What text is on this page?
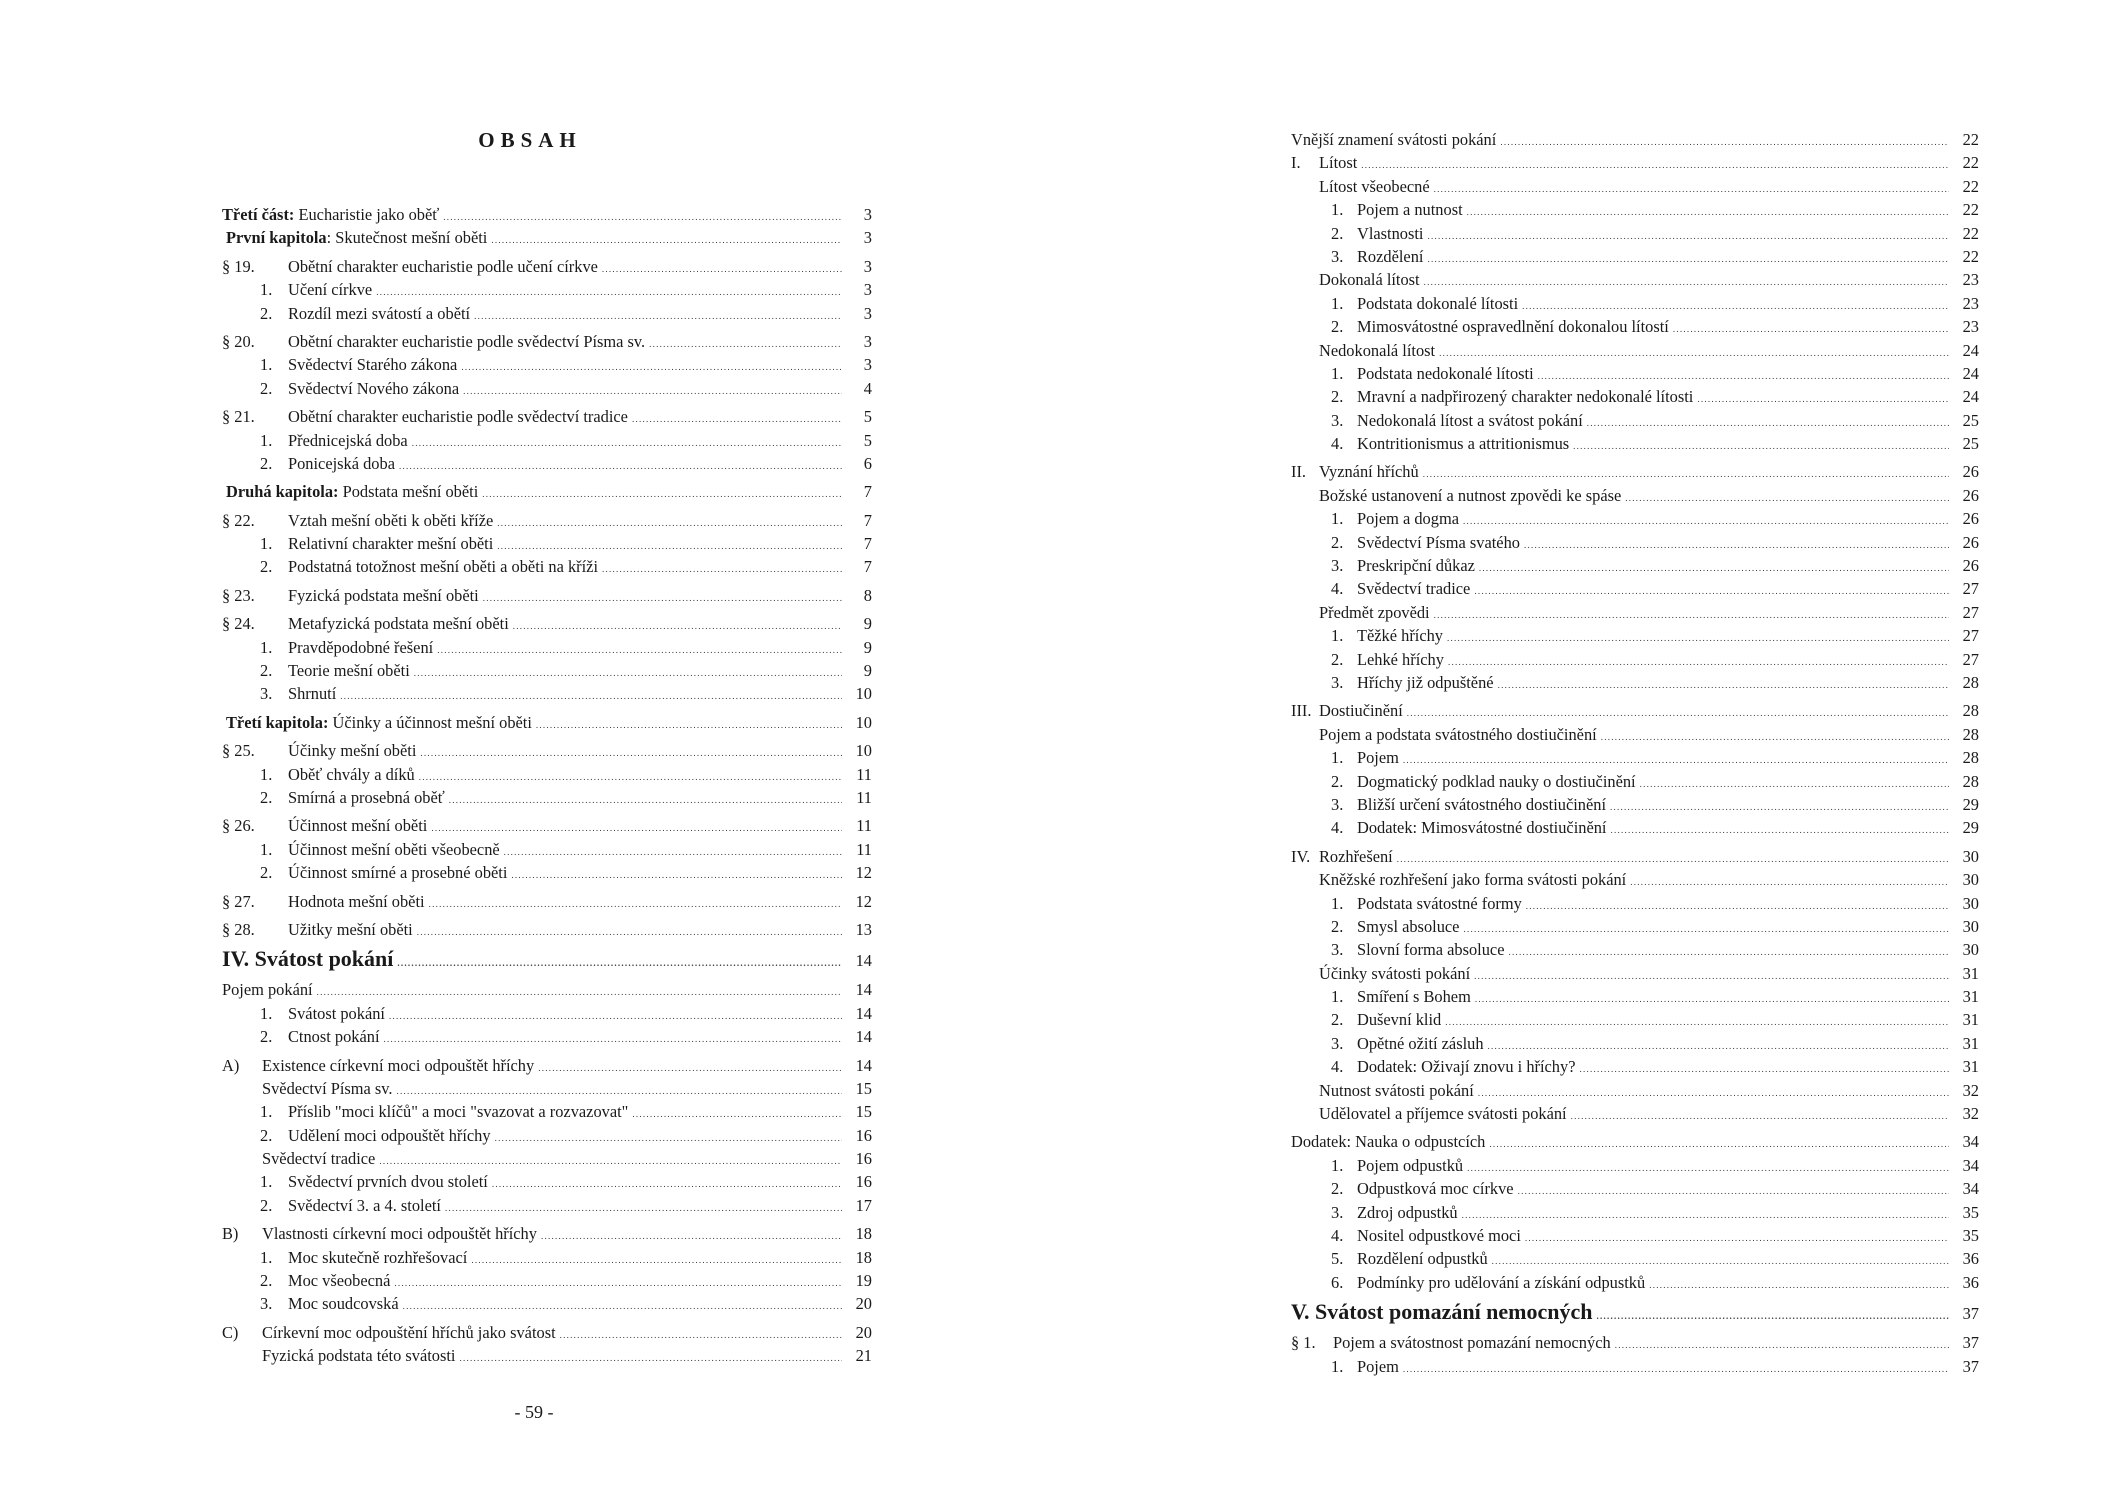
OBSAH
Třetí část: Eucharistie jako oběť . . .	3
První kapitola: Skutečnost mešní oběti . . .	3
§ 19.	Obětní charakter eucharistie podle učení církve . . .	3
1. Učení církve . . .	3
2. Rozdíl mezi svátostí a obětí . . .	3
§ 20.	Obětní charakter eucharistie podle svědectví Písma sv. . . .	3
1. Svědectví Starého zákona . . .	3
2. Svědectví Nového zákona . . .	4
§ 21.	Obětní charakter eucharistie podle svědectví tradice . . .	5
1. Přednicejská doba . . .	5
2. Ponicejská doba . . .	6
Druhá kapitola: Podstata mešní oběti . . .	7
§ 22.	Vztah mešní oběti k oběti kříže . . .	7
1. Relativní charakter mešní oběti . . .	7
2. Podstatná totožnost mešní oběti a oběti na kříži . . .	7
§ 23.	Fyzická podstata mešní oběti . . .	8
§ 24.	Metafyzická podstata mešní oběti . . .	9
1. Pravděpodobné řešení . . .	9
2. Teorie mešní oběti . . .	9
3. Shrnutí . . .	10
Třetí kapitola: Účinky a účinnost mešní oběti . . .	10
§ 25.	Účinky mešní oběti . . .	10
1. Oběť chvály a díků . . .	11
2. Smírná a prosebná oběť . . .	11
§ 26.	Účinnost mešní oběti . . .	11
1. Účinnost mešní oběti všeobecně . . .	11
2. Účinnost smírné a prosebné oběti . . .	12
§ 27.	Hodnota mešní oběti . . .	12
§ 28.	Užitky mešní oběti . . .	13
IV. Svátost pokání . . .	14
Pojem pokání . . .	14
1. Svátost pokání . . .	14
2. Ctnost pokání . . .	14
A)	Existence církevní moci odpouštět hříchy . . .	14
Svědectví Písma sv. . . .	15
1. Příslib "moci klíčů" a moci "svazovat a rozvazovat" . . .	15
2. Udělení moci odpouštět hříchy . . .	16
Svědectví tradice . . .	16
1. Svědectví prvních dvou století . . .	16
2. Svědectví 3. a 4. století . . .	17
B)	Vlastnosti církevní moci odpouštět hříchy . . .	18
1. Moc skutečně rozhřešovací . . .	18
2. Moc všeobecná . . .	19
3. Moc soudcovská . . .	20
C)	Církevní moc odpouštění hříchů jako svátost . . .	20
Fyzická podstata této svátosti . . .	21
- 59 -
Vnější znamení svátosti pokání . . .	22
I.	Lítost . . .	22
Lítost všeobecné . . .	22
1. Pojem a nutnost . . .	22
2. Vlastnosti . . .	22
3. Rozdělení . . .	22
Dokonalá lítost . . .	23
1. Podstata dokonalé lítosti . . .	23
2. Mimosvátostné ospravedlnění dokonalou lítostí . . .	23
Nedokonalá lítost . . .	24
1. Podstata nedokonalé lítosti . . .	24
2. Mravní a nadpřirozený charakter nedokonalé lítosti . . .	24
3. Nedokonalá lítost a svátost pokání . . .	25
4. Kontritionismus a attritionismus . . .	25
II. Vyznání hříchů . . .	26
Božské ustanovení a nutnost zpovědi ke spáse . . .	26
1. Pojem a dogma . . .	26
2. Svědectví Písma svatého . . .	26
3. Preskripční důkaz . . .	26
4. Svědectví tradice . . .	27
Předmět zpovědi . . .	27
1. Těžké hříchy . . .	27
2. Lehké hříchy . . .	27
3. Hříchy již odpuštěné . . .	28
III. Dostiučinění . . .	28
Pojem a podstata svátostného dostiučinění . . .	28
1. Pojem . . .	28
2. Dogmatický podklad nauky o dostiučinění . . .	28
3. Bližší určení svátostného dostiučinění . . .	29
4. Dodatek: Mimosvátostné dostiučinění . . .	29
IV. Rozhřešení . . .	30
Kněžské rozhřešení jako forma svátosti pokání . . .	30
1. Podstata svátostné formy . . .	30
2. Smysl absoluce . . .	30
3. Slovní forma absoluce . . .	30
Účinky svátosti pokání . . .	31
1. Smíření s Bohem . . .	31
2. Duševní klid . . .	31
3. Opětné ožití zásluh . . .	31
4. Dodatek: Oživají znovu i hříchy? . . .	31
Nutnost svátosti pokání . . .	32
Udělovatel a příjemce svátosti pokání . . .	32
Dodatek: Nauka o odpustcích . . .	34
1. Pojem odpustků . . .	34
2. Odpustková moc církve . . .	34
3. Zdroj odpustků . . .	35
4. Nositel odpustkové moci . . .	35
5. Rozdělení odpustků . . .	36
6. Podmínky pro udělování a získání odpustků . . .	36
V. Svátost pomazání nemocných . . .	37
§ 1.	Pojem a svátostnost pomazání nemocných . . .	37
1. Pojem . . .	37
